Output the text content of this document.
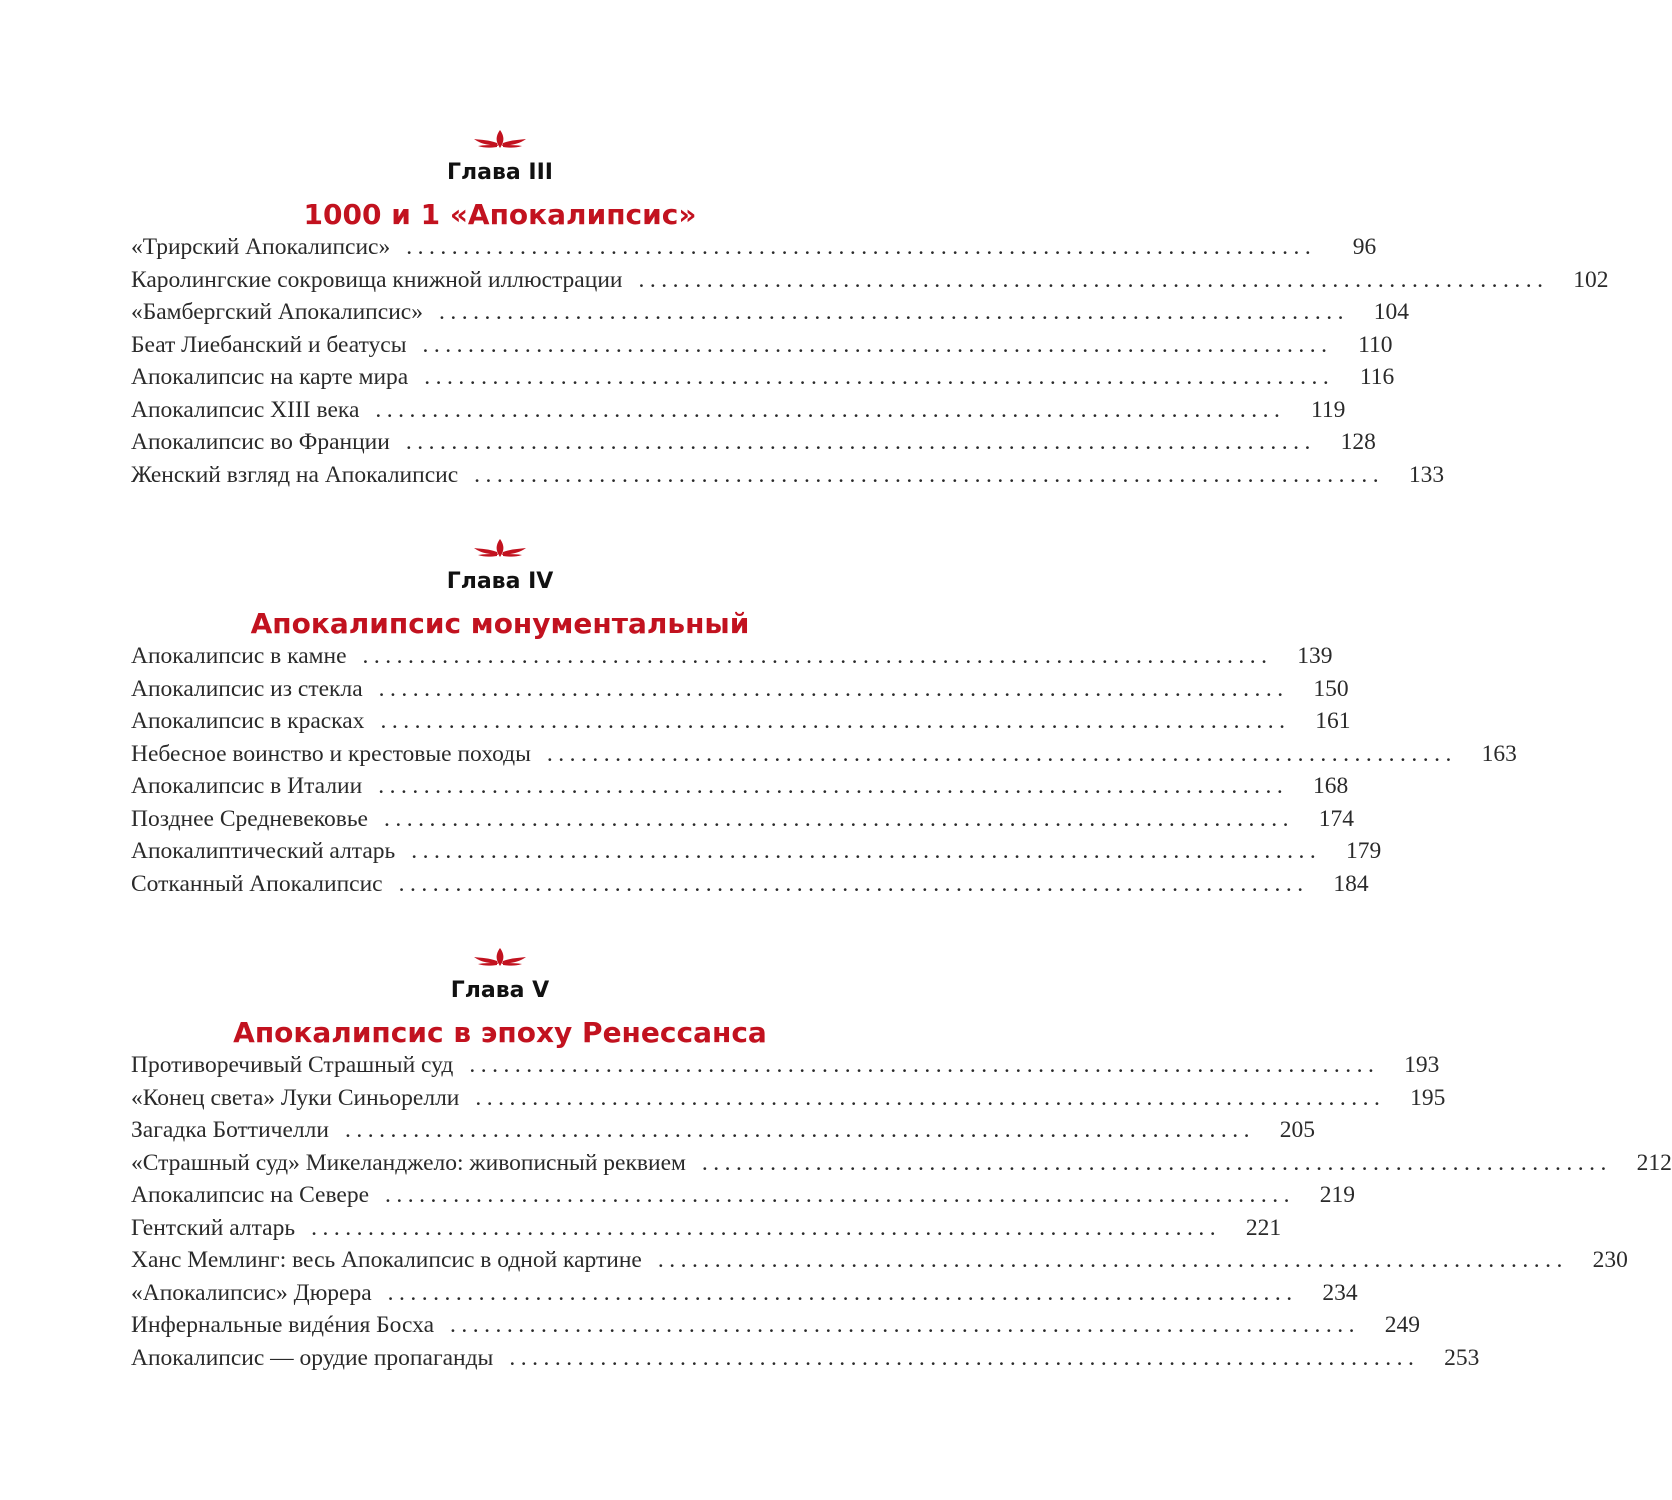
Глава III
1000 и 1 «Апокалипсис»
«Трирский Апокалипсис» ................................................................................	96
Каролингские сокровища книжной иллюстрации ................................................................................	102
«Бамбергский Апокалипсис» ................................................................................	104
Беат Лиебанский и беатусы ................................................................................	110
Апокалипсис на карте мира ................................................................................	116
Апокалипсис XIII века ................................................................................	119
Апокалипсис во Франции ................................................................................	128
Женский взгляд на Апокалипсис ................................................................................	133
Глава IV
Апокалипсис монументальный
Апокалипсис в камне ................................................................................	139
Апокалипсис из стекла ................................................................................	150
Апокалипсис в красках ................................................................................	161
Небесное воинство и крестовые походы ................................................................................	163
Апокалипсис в Италии ................................................................................	168
Позднее Средневековье ................................................................................	174
Апокалиптический алтарь ................................................................................	179
Сотканный Апокалипсис ................................................................................	184
Глава V
Апокалипсис в эпоху Ренессанса
Противоречивый Страшный суд ................................................................................	193
«Конец света» Луки Синьорелли ................................................................................	195
Загадка Боттичелли ................................................................................	205
«Страшный суд» Микеланджело: живописный реквием ................................................................................	212
Апокалипсис на Севере ................................................................................	219
Гентский алтарь ................................................................................	221
Ханс Мемлинг: весь Апокалипсис в одной картине ................................................................................	230
«Апокалипсис» Дюрера ................................................................................	234
Инфернальные видéния Босха ................................................................................	249
Апокалипсис — орудие пропаганды ................................................................................	253
